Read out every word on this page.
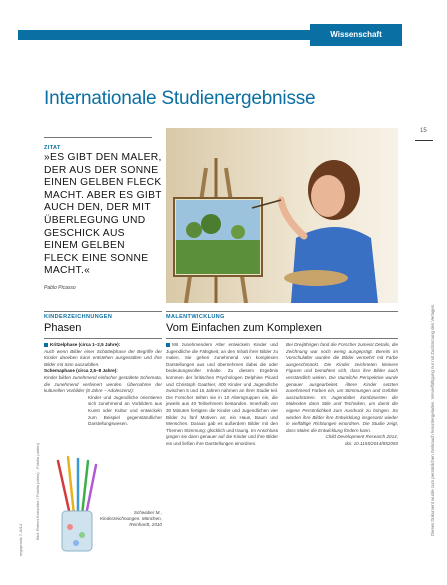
Wissenschaft
Internationale Studienergebnisse
15
ZITAT
»ES GIBT DEN MALER, DER AUS DER SONNE EINEN GELBEN FLECK MACHT. ABER ES GIBT AUCH DEN, DER MIT ÜBERLEGUNG UND GESCHICK AUS EINEM GELBEN FLECK EINE SONNE MACHT.«
Pablo Picasso
KINDERZEICHNUNGEN
Phasen
Kritzelphase (circa 1–2,5 Jahre):
Auch wenn Bilder einer Schüttelphase der Begriffe der Kinder daneben kann entstehen ausgestalten und ihre Bilder mit Sinn auszufüllen.
Schemaphase (circa 2,5–8 Jahre):
Kinder bilden zunehmend einfacher gestaltete Schemata, die zunehmend verfeinert werden. Übernahme der kulturellen Vorbilder (8 Jahre – Adoleszenz):
Kinder und Jugendliche orientieren sich zunehmend an Vorbildern aus Kunst oder Kultur und entwickeln zum Beispiel gegenständlicher Darstellungswesen.
Schwaber M.,
Kinderzeichnungen. München,
Reinhardt, 2010
MALENTWICKLUNG
Vom Einfachen zum Komplexen
Mit zunehmendem Alter entwickeln Kinder und Jugendliche die Fähigkeit, an den Inhalt ihrer Bilder zu malen. Sie gehen zunehmend von komplexen Darstellungen aus und übernehmen dabei die oder bedeutungsvoller Inhalte. Zu diesem Ergebnis kommen der britischen Psychologen Delphine Picard und Christoph Gauthier, 400 Kinder und Jugendliche zwischen 5 und 15 Jahren nahmen an ihrer Studie teil. Die Forscher teilten sie in 10 Altersgruppen ein, die jeweils aus 40 Teilnehmern bestanden. Innerhalb von 30 Minuten fertigten die Kinder und Jugendlichen vier Bilder zu fünf Motiven an: ein Haus, Baum und Menschen. Daraus gab es außerdem Bilder mit den Themen Stimmung: glücklich und traurig. Im Anschluss gingen sie dann genauer auf die Kinder und ihre Bilder ein und ließen ihre Darstellungen einordnen.
Bei Dreijährigen fand die Forscher zumeist Details, die Zeichnung war noch wenig ausgeprägt. Bereits im Vorschulalter wurden die Bilder vermehrt mit Farbe ausgeschmückt. Die Kinder zeichneten kleinere Figuren und bemühten sich, dass ihre Bilder auch verständlich wirken. Die räumliche Perspektive wurde genauer ausgearbeitet. Ältere Kinder setzten zunehmend Farben ein, um Stimmungen und Gefühle auszudrücken. Im Jugendalter kombinierten die Malenden dann Stile und Techniken, um damit die eigene Persönlichkeit zum Ausdruck zu bringen. So werden ihre Bilder ihre Entwicklung insgesamt wieder in vielfältige Richtungen einordnen. Die Studie zeigt, dass Malen die Entwicklung fördern kann.
Child Development Research 2014,
doi: 10.1155/2014/852093	Dieses Dokument wurde zum persönlichen Gebrauch heruntergeladen. Vervielfältigung nur mit Zustimmung des Verlages.
Bild: Robert Kneschke / Fotolia (oben) · Fotolia (unten)
ergopraxis 7–8/14
